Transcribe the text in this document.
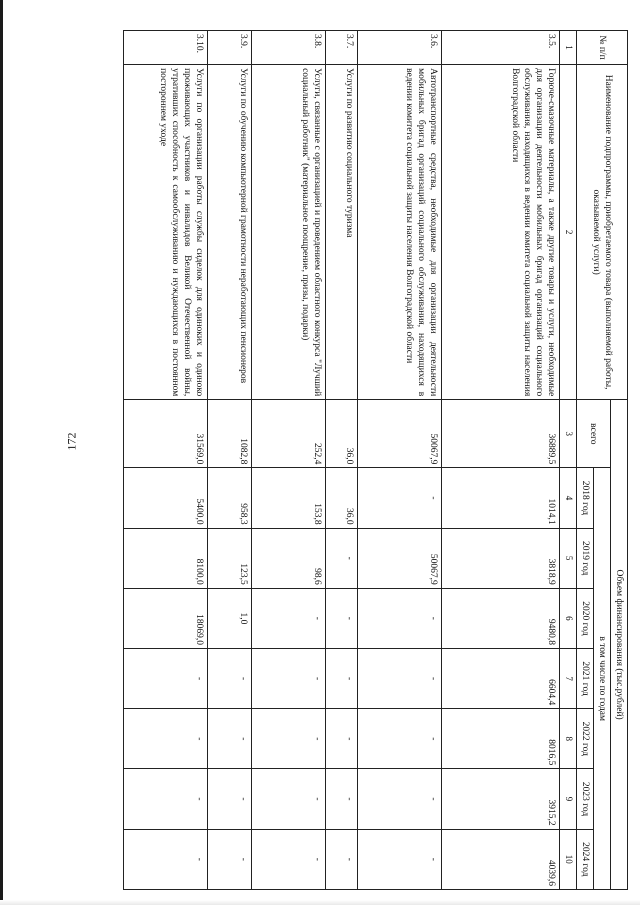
172
№ п/п	Наименование подпрограммы, приобретаемого товара (выполняемой работы, оказываемой услуги)	Объем финансирования (тыс.рублей)							
		всего	в том числе по годам						
			2018 год	2019 год	2020 год	2021 год	2022 год	2023 год	2024 год
1	2	3	4	5	6	7	8	9	10
3.5.	Горюче-смазочные материалы, а также другие товары и услуги, необходимые для организации деятельности мобильных бригад организаций социального обслуживания, находящихся в ведении комитета социальной защиты населения Волгоградской области	36889,5	1014,1	3818,9	9480,8	6604,4	8016,5	3915,2	4039,6
3.6.	Автотранспортные средства, необходимые для организации деятельности мобильных бригад организаций социального обслуживания, находящихся в ведении комитета социальной защиты населения Волгоградской области	50067,9	-	50067,9	-	-	-	-	-
3.7.	Услуги по развитию социального туризма	36,0	36,0	-	-	-	-	-	-
3.8.	Услуги, связанные с организацией и проведением областного конкурса "Лучший социальный работник" (материальное поощрение, призы, подарки)	252,4	153,8	98,6	-	-	-	-	-
3.9.	Услуги по обучению компьютерной грамотности неработающих пенсионеров	1082,8	958,3	123,5	1,0	-	-	-	-
3.10.	Услуги по организации работы службы сиделок для одиноких и одиноко проживающих участников и инвалидов Великой Отечественной войны, утративших способность к самообслуживанию и нуждающихся в постоянном постороннем уходе	31569,0	5400,0	8100,0	18069,0	-	-	-	-
